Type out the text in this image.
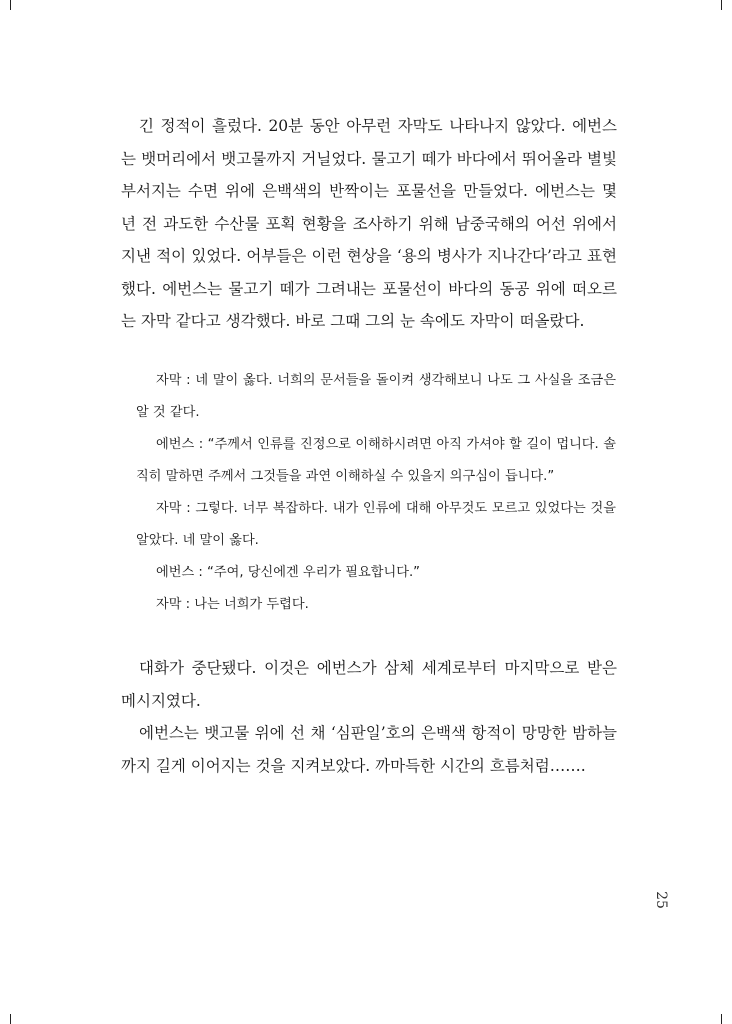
긴 정적이 흘렀다. 20분 동안 아무런 자막도 나타나지 않았다. 에번스는 뱃머리에서 뱃고물까지 거닐었다. 물고기 떼가 바다에서 뛰어올라 별빛 부서지는 수면 위에 은백색의 반짝이는 포물선을 만들었다. 에번스는 몇 년 전 과도한 수산물 포획 현황을 조사하기 위해 남중국해의 어선 위에서 지낸 적이 있었다. 어부들은 이런 현상을 ‘용의 병사가 지나간다’라고 표현했다. 에번스는 물고기 떼가 그려내는 포물선이 바다의 동공 위에 떠오르는 자막 같다고 생각했다. 바로 그때 그의 눈 속에도 자막이 떠올랐다.

자막 : 네 말이 옳다. 너희의 문서들을 돌이켜 생각해보니 나도 그 사실을 조금은 알 것 같다.

에번스 : “주께서 인류를 진정으로 이해하시려면 아직 가셔야 할 길이 멉니다. 솔직히 말하면 주께서 그것들을 과연 이해하실 수 있을지 의구심이 듭니다.”

자막 : 그렇다. 너무 복잡하다. 내가 인류에 대해 아무것도 모르고 있었다는 것을 알았다. 네 말이 옳다.

에번스 : “주여, 당신에겐 우리가 필요합니다.”

자막 : 나는 너희가 두렵다.

대화가 중단됐다. 이것은 에번스가 삼체 세계로부터 마지막으로 받은 메시지였다.

에번스는 뱃고물 위에 선 채 ‘심판일’호의 은백색 항적이 망망한 밤하늘까지 길게 이어지는 것을 지켜보았다. 까마득한 시간의 흐름처럼…….

25
